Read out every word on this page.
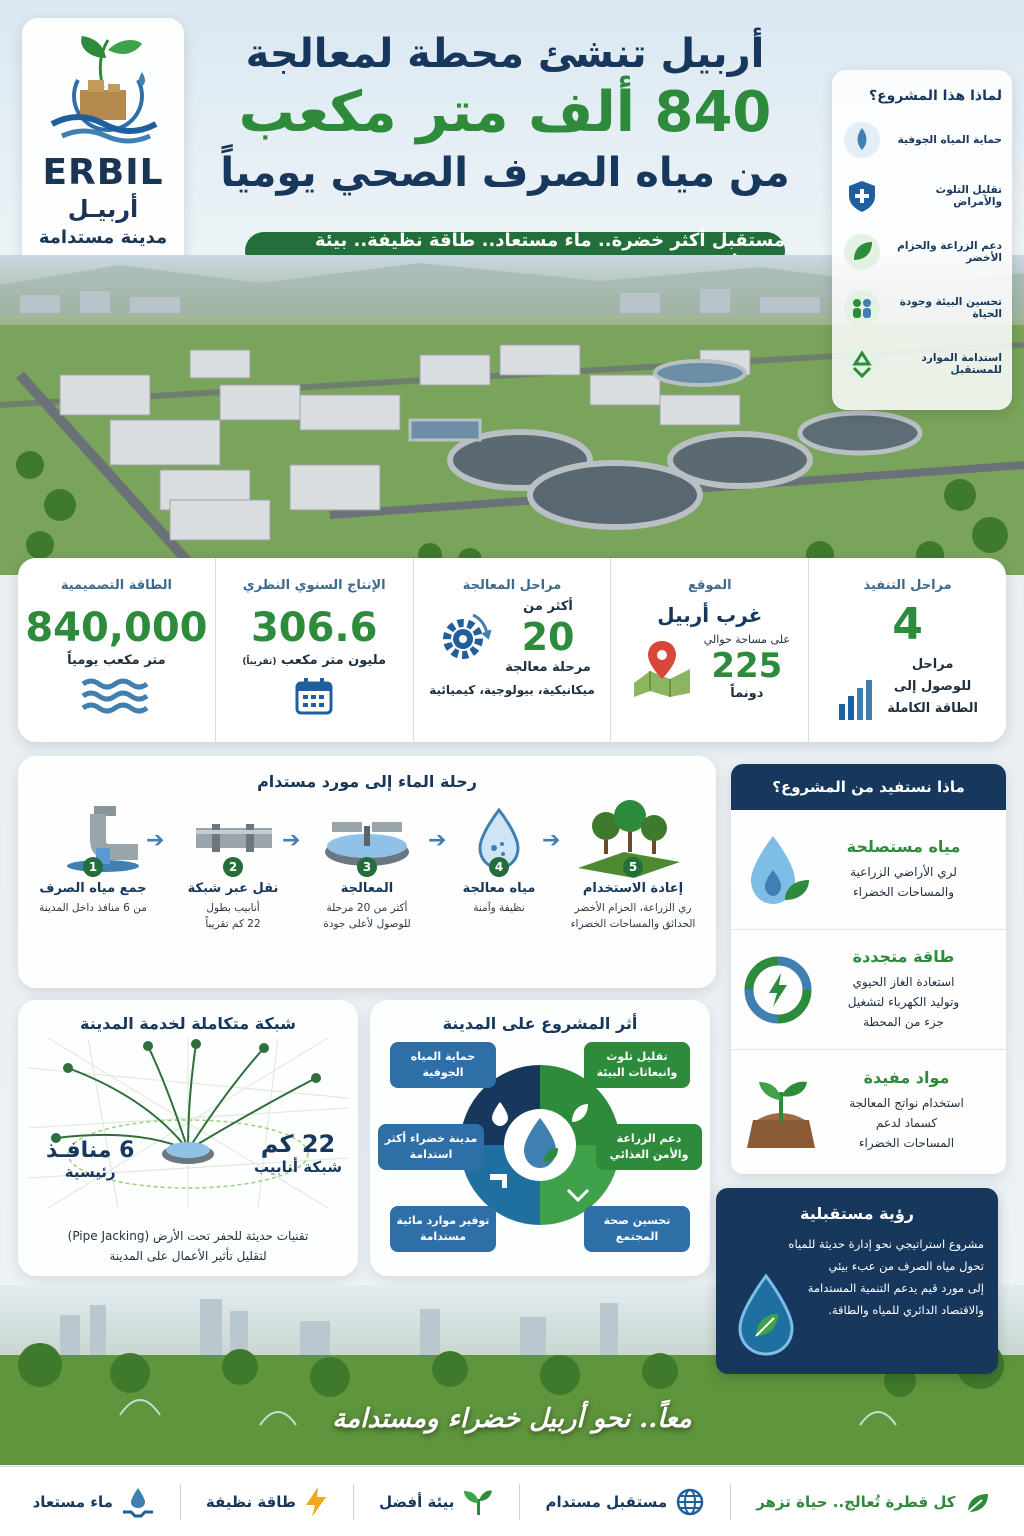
ERBIL
أربيـل
مدينة مستدامة
أربيل تنشئ محطة لمعالجة
840 ألف متر مكعب
من مياه الصرف الصحي يومياً
مستقبل أكثر خضرة.. ماء مستعاد.. طاقة نظيفة.. بيئة
لماذا هذا المشروع؟
حماية المياه الجوفية
تقليل التلوث والأمراض
دعم الزراعة والحزام الأخضر
تحسين البيئة وجودة الحياة
استدامة الموارد للمستقبل
مراحل التنفيذ
4
مراحل
للوصول إلى
الطاقة الكاملة
الموقع
غرب أربيل
على مساحة حوالي
225
دونماً
مراحل المعالجة
أكثر من
20
مرحلة معالجة
ميكانيكية، بيولوجية، كيميائية
الإنتاج السنوي النظري
306.6
مليون متر مكعب (تقريباً)
الطاقة التصميمية
840,000
متر مكعب يومياً
رحلة الماء إلى مورد مستدام
1
جمع مياه الصرف
من 6 منافذ داخل المدينة
2
نقل عبر شبكة
أنابيب بطول
22 كم تقريباً
3
المعالجة
أكثر من 20 مرحلة
للوصول لأعلى جودة
4
مياه معالجة
نظيفة وآمنة
5
إعادة الاستخدام
ري الزراعة، الحزام الأخضر
الحدائق والمساحات الخضراء
➔	➔	➔	➔
ماذا نستفيد من المشروع؟
مياه مستصلحة
لري الأراضي الزراعية
والمساحات الخضراء
طاقة متجددة
استعادة الغاز الحيوي
وتوليد الكهرباء لتشغيل
جزء من المحطة
مواد مفيدة
استخدام نواتج المعالجة
كسماد لدعم
المساحات الخضراء
شبكة متكاملة لخدمة المدينة
6 منافـذ
رئيسية
22 كم
شبكة أنابيب
تقنيات حديثة للحفر تحت الأرض (Pipe Jacking)
لتقليل تأثير الأعمال على المدينة
أثر المشروع على المدينة
حماية المياه الجوفية
تقليل تلوث وانبعاثات البيئة
مدينة خضراء أكثر استدامة
دعم الزراعة والأمن الغذائي
توفير موارد مائية مستدامة
تحسين صحة المجتمع
رؤية مستقبلية
مشروع استراتيجي نحو إدارة حديثة للمياه
تحول مياه الصرف من عبء بيئي
إلى مورد قيم يدعم التنمية المستدامة
والاقتصاد الدائري للمياه والطاقة.
معاً.. نحو أربيل خضراء ومستدامة
كل قطرة تُعالج.. حياة تزهر
مستقبل مستدام
بيئة أفضل
طاقة نظيفة
ماء مستعاد
